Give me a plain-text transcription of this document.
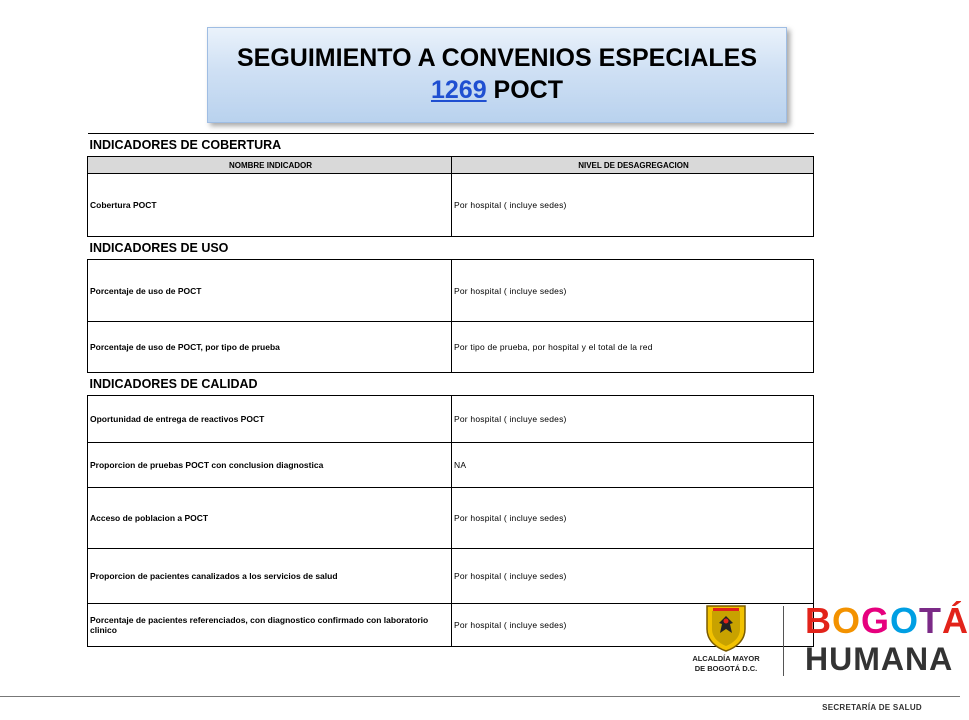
SEGUIMIENTO A CONVENIOS ESPECIALES
1269 POCT
INDICADORES DE COBERTURA	
NOMBRE INDICADOR	NIVEL DE DESAGREGACION
Cobertura POCT	Por hospital ( incluye sedes)
INDICADORES DE USO	
Porcentaje de uso de POCT	Por hospital ( incluye sedes)
Porcentaje de uso de POCT, por tipo de prueba	Por tipo de prueba, por hospital y el total de la red
INDICADORES DE CALIDAD	
Oportunidad de entrega de reactivos POCT	Por hospital ( incluye sedes)
Proporcion de pruebas POCT con conclusion diagnostica	NA
Acceso de poblacion a POCT	Por hospital ( incluye sedes)
Proporcion de pacientes canalizados a los servicios de salud	Por hospital ( incluye sedes)
Porcentaje de pacientes referenciados, con diagnostico confirmado con laboratorio clinico	Por hospital ( incluye sedes)
ALCALDÍA MAYOR
DE BOGOTÁ D.C.
BOGOTÁ
HUMANA
SECRETARÍA DE SALUD
